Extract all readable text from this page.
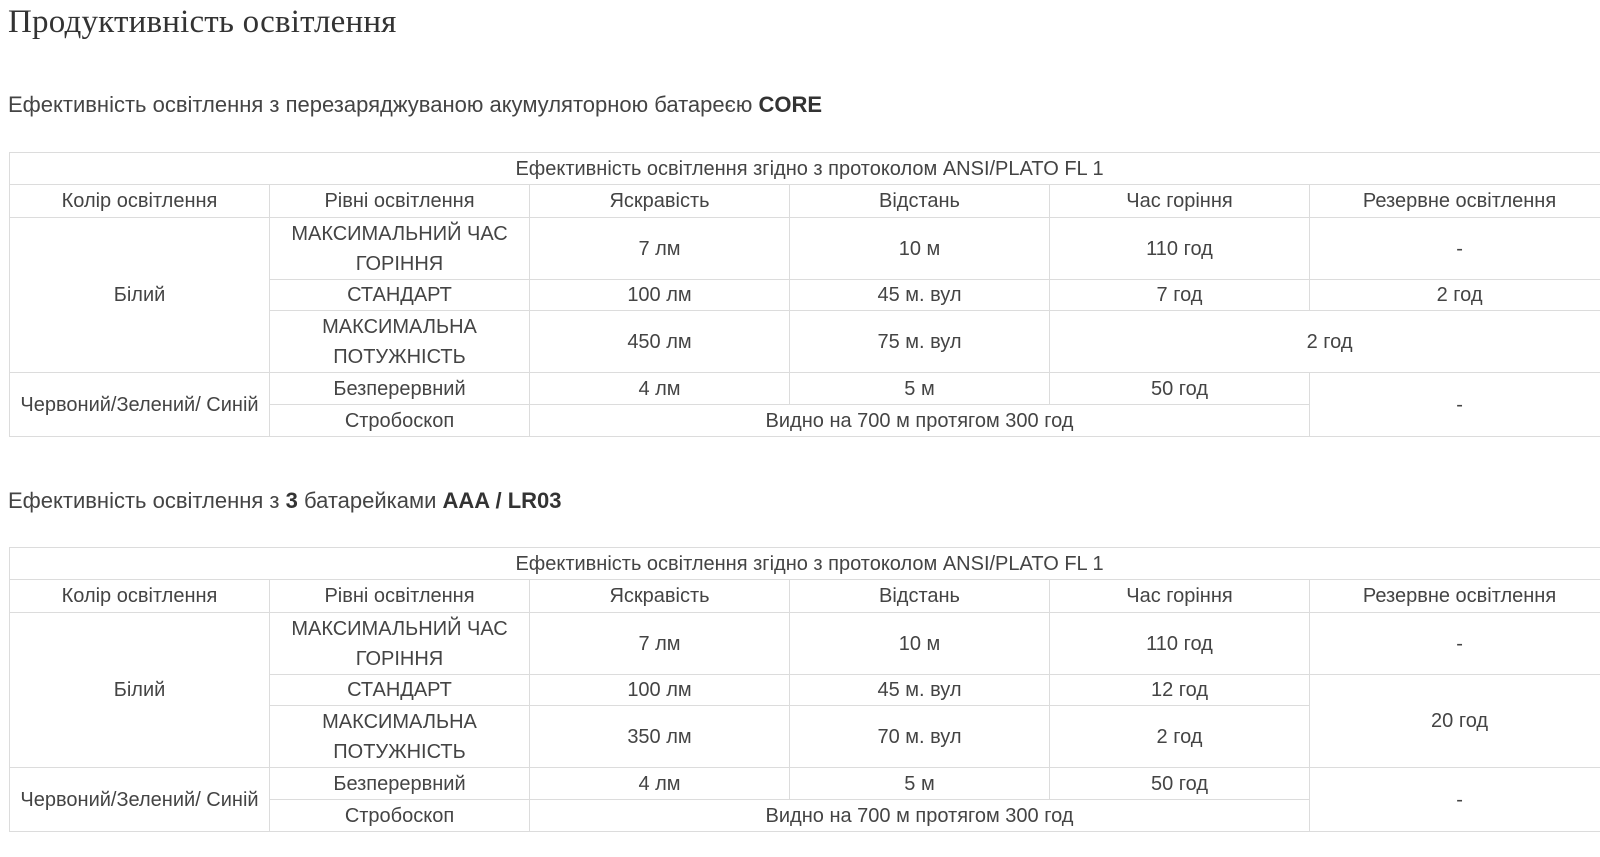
Продуктивність освітлення
Ефективність освітлення з перезаряджуваною акумуляторною батареєю CORE
Ефективність освітлення згідно з протоколом ANSI/PLATO FL 1					
Колір освітлення	Рівні освітлення	Яскравість	Відстань	Час горіння	Резервне освітлення
Білий	МАКСИМАЛЬНИЙ ЧАС ГОРІННЯ	7 лм	10 м	110 год	-
	СТАНДАРТ	100 лм	45 м. вул	7 год	2 год
	МАКСИМАЛЬНА ПОТУЖНІСТЬ	450 лм	75 м. вул	2 год	
Червоний/Зелений/ Синій	Безперервний	4 лм	5 м	50 год	-
	Стробоскоп	Видно на 700 м протягом 300 год			
Ефективність освітлення з 3 батарейками AAA / LR03
Ефективність освітлення згідно з протоколом ANSI/PLATO FL 1					
Колір освітлення	Рівні освітлення	Яскравість	Відстань	Час горіння	Резервне освітлення
Білий	МАКСИМАЛЬНИЙ ЧАС ГОРІННЯ	7 лм	10 м	110 год	-
	СТАНДАРТ	100 лм	45 м. вул	12 год	20 год
	МАКСИМАЛЬНА ПОТУЖНІСТЬ	350 лм	70 м. вул	2 год	
Червоний/Зелений/ Синій	Безперервний	4 лм	5 м	50 год	-
	Стробоскоп	Видно на 700 м протягом 300 год			
